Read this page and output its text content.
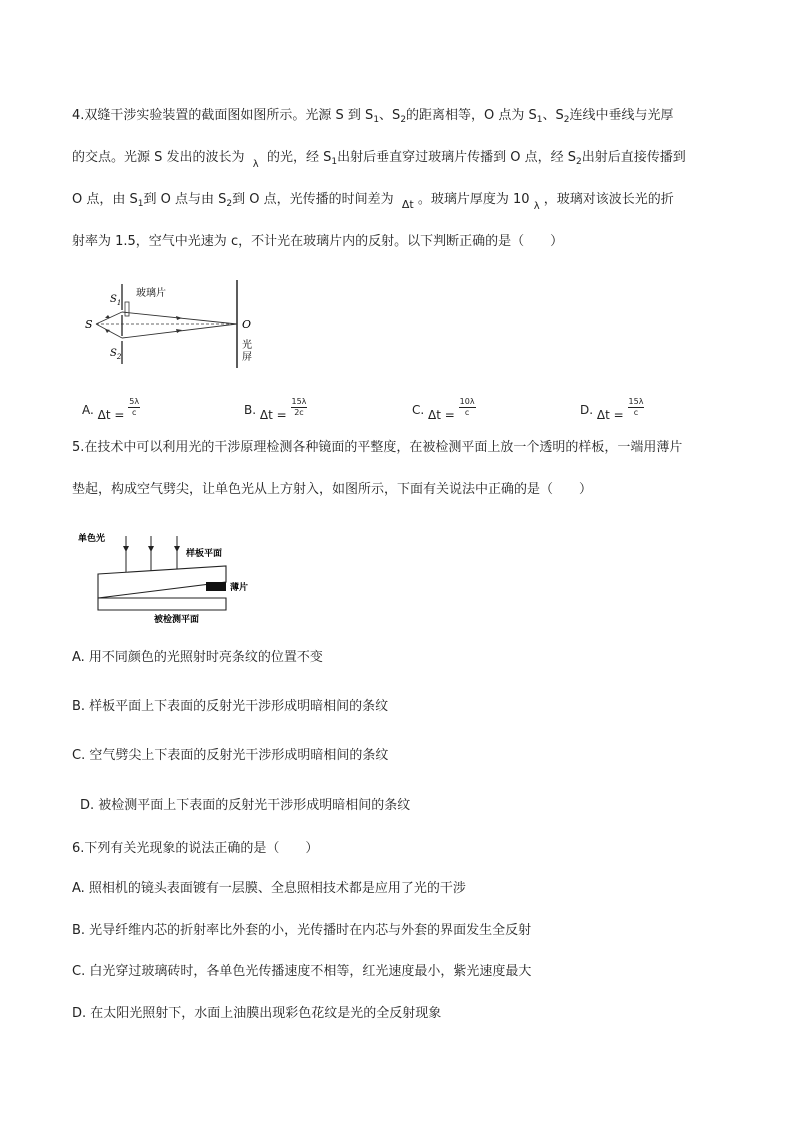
4.双缝干涉实验装置的截面图如图所示。光源 S 到 $S_1$、$S_2$的距离相等，O 点为 $S_1$、$S_2$连线中垂线与光厚
的交点。光源 S 发出的波长为 $_\lambda$ 的光，经 $S_1$出射后垂直穿过玻璃片传播到 O 点，经 $S_2$出射后直接传播到
O 点，由 $S_1$到 O 点与由 $S_2$到 O 点，光传播的时间差为 $_{\Delta t}$ 。玻璃片厚度为 10 $_\lambda$ ，玻璃对该波长光的折
射率为 1.5，空气中光速为 c，不计光在玻璃片内的反射。以下判断正确的是（　　）
S
$S_1$
$S_2$
玻璃片
O
光
屏
A. $\Delta t = \frac{5\lambda}{c}$	B. $\Delta t = \frac{15\lambda}{2c}$	C. $\Delta t = \frac{10\lambda}{c}$	D. $\Delta t = \frac{15\lambda}{c}$
5.在技术中可以利用光的干涉原理检测各种镜面的平整度，在被检测平面上放一个透明的样板，一端用薄片
垫起，构成空气劈尖，让单色光从上方射入，如图所示，下面有关说法中正确的是（　　）
单色光
样板平面
薄片
被检测平面
A. 用不同颜色的光照射时亮条纹的位置不变
B. 样板平面上下表面的反射光干涉形成明暗相间的条纹
C. 空气劈尖上下表面的反射光干涉形成明暗相间的条纹
D. 被检测平面上下表面的反射光干涉形成明暗相间的条纹
6.下列有关光现象的说法正确的是（　　）
A. 照相机的镜头表面镀有一层膜、全息照相技术都是应用了光的干涉
B. 光导纤维内芯的折射率比外套的小，光传播时在内芯与外套的界面发生全反射
C. 白光穿过玻璃砖时，各单色光传播速度不相等，红光速度最小，紫光速度最大
D. 在太阳光照射下，水面上油膜出现彩色花纹是光的全反射现象
